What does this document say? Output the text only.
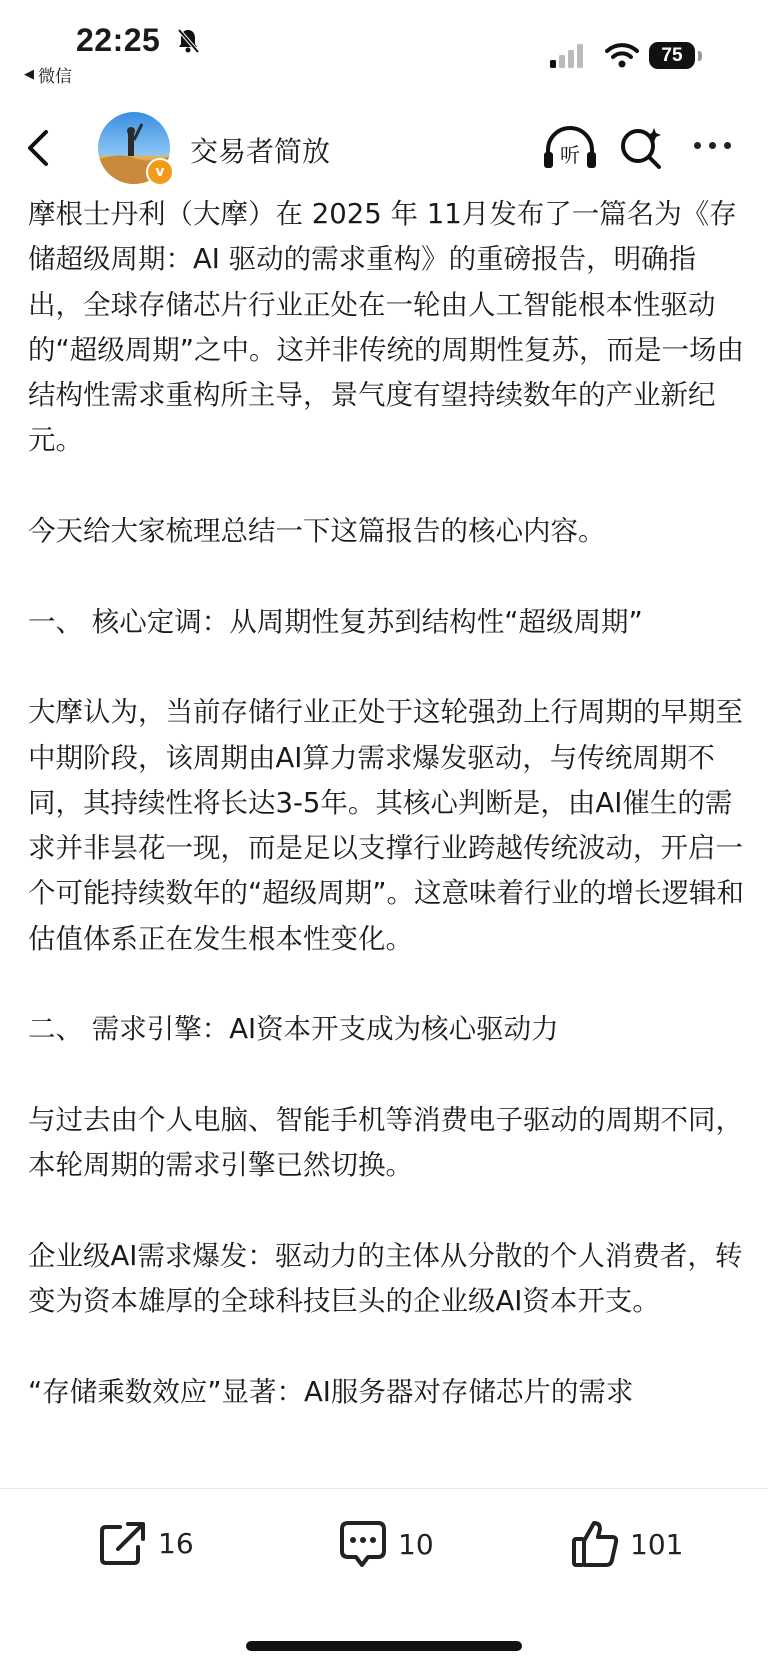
22:25
◀ 微信
75
v
交易者简放	听

摩根士丹利（大摩）在 2025 年 11月发布了一篇名为《存储超级周期：AI 驱动的需求重构》的重磅报告，明确指出，全球存储芯片行业正处在一轮由人工智能根本性驱动的“超级周期”之中。这并非传统的周期性复苏，而是一场由结构性需求重构所主导，景气度有望持续数年的产业新纪元。

今天给大家梳理总结一下这篇报告的核心内容。

一、 核心定调：从周期性复苏到结构性“超级周期”

大摩认为，当前存储行业正处于这轮强劲上行周期的早期至中期阶段，该周期由AI算力需求爆发驱动，与传统周期不同，其持续性将长达3-5年。其核心判断是，由AI催生的需求并非昙花一现，而是足以支撑行业跨越传统波动，开启一个可能持续数年的“超级周期”。这意味着行业的增长逻辑和估值体系正在发生根本性变化。

二、 需求引擎：AI资本开支成为核心驱动力

与过去由个人电脑、智能手机等消费电子驱动的周期不同，本轮周期的需求引擎已然切换。

企业级AI需求爆发：驱动力的主体从分散的个人消费者，转变为资本雄厚的全球科技巨头的企业级AI资本开支。

“存储乘数效应”显著：AI服务器对存储芯片的需求

16	10	101
